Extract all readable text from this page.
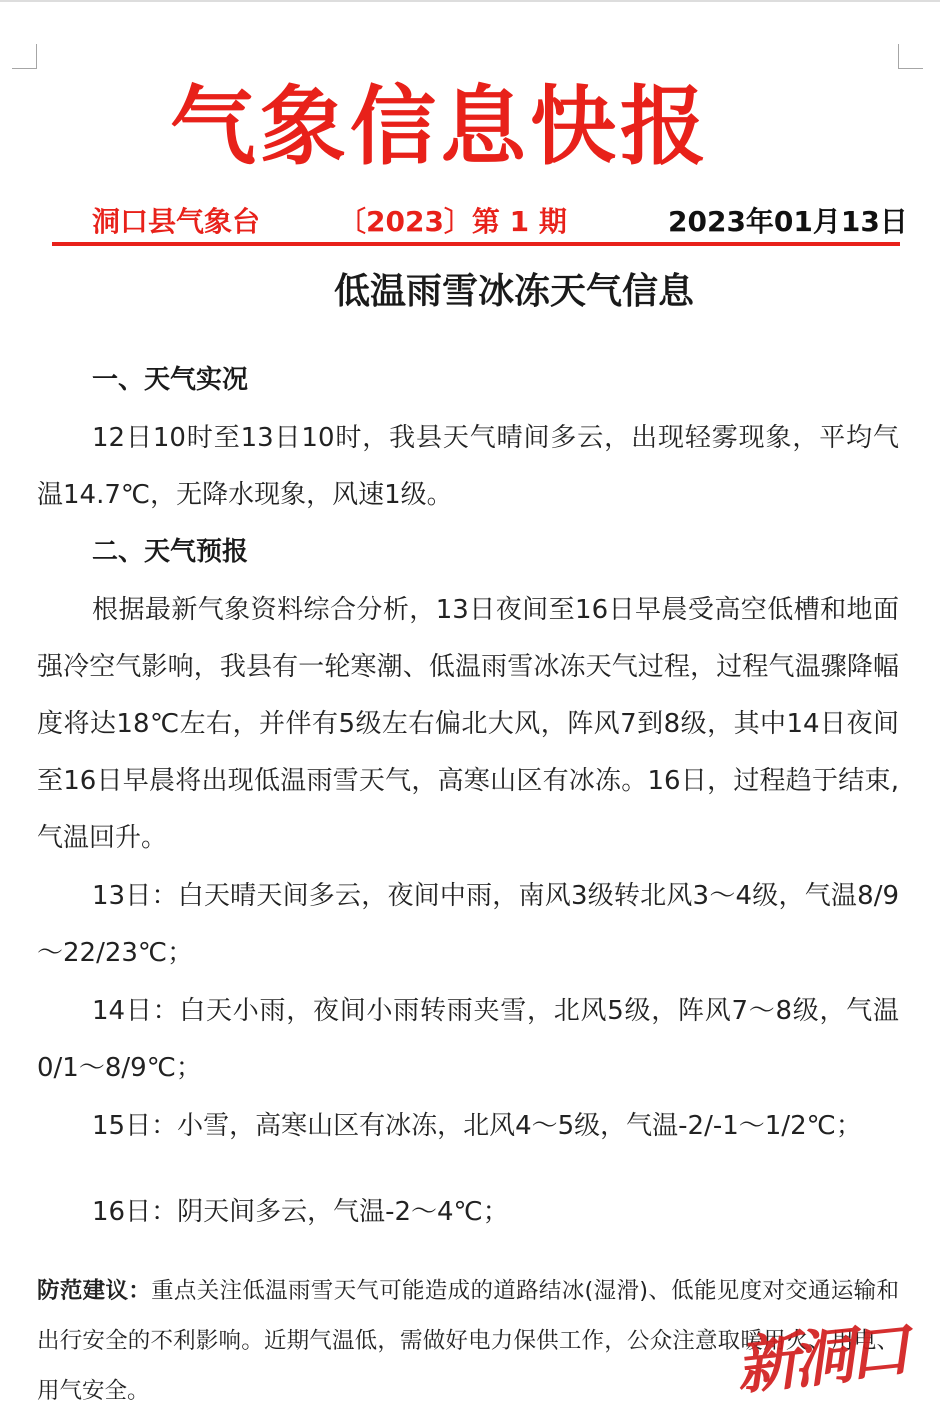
气象信息快报
洞口县气象台	〔2023〕第 1 期	2023年01月13日
低温雨雪冰冻天气信息
一、天气实况
12日10时至13日10时，我县天气晴间多云，出现轻雾现象，平均气温14.7℃，无降水现象，风速1级。
二、天气预报
根据最新气象资料综合分析，13日夜间至16日早晨受高空低槽和地面强冷空气影响，我县有一轮寒潮、低温雨雪冰冻天气过程，过程气温骤降幅度将达18℃左右，并伴有5级左右偏北大风，阵风7到8级，其中14日夜间至16日早晨将出现低温雨雪天气，高寒山区有冰冻。16日，过程趋于结束,气温回升。
13日：白天晴天间多云，夜间中雨，南风3级转北风3～4级，气温8/9～22/23℃；
14日：白天小雨，夜间小雨转雨夹雪，北风5级，阵风7～8级，气温0/1～8/9℃；
15日：小雪，高寒山区有冰冻，北风4～5级，气温-2/-1～1/2℃；
16日：阴天间多云，气温-2～4℃；
防范建议：重点关注低温雨雪天气可能造成的道路结冰(湿滑)、低能见度对交通运输和出行安全的不利影响。近期气温低，需做好电力保供工作，公众注意取暖用火、用电、用气安全。	新洞口
